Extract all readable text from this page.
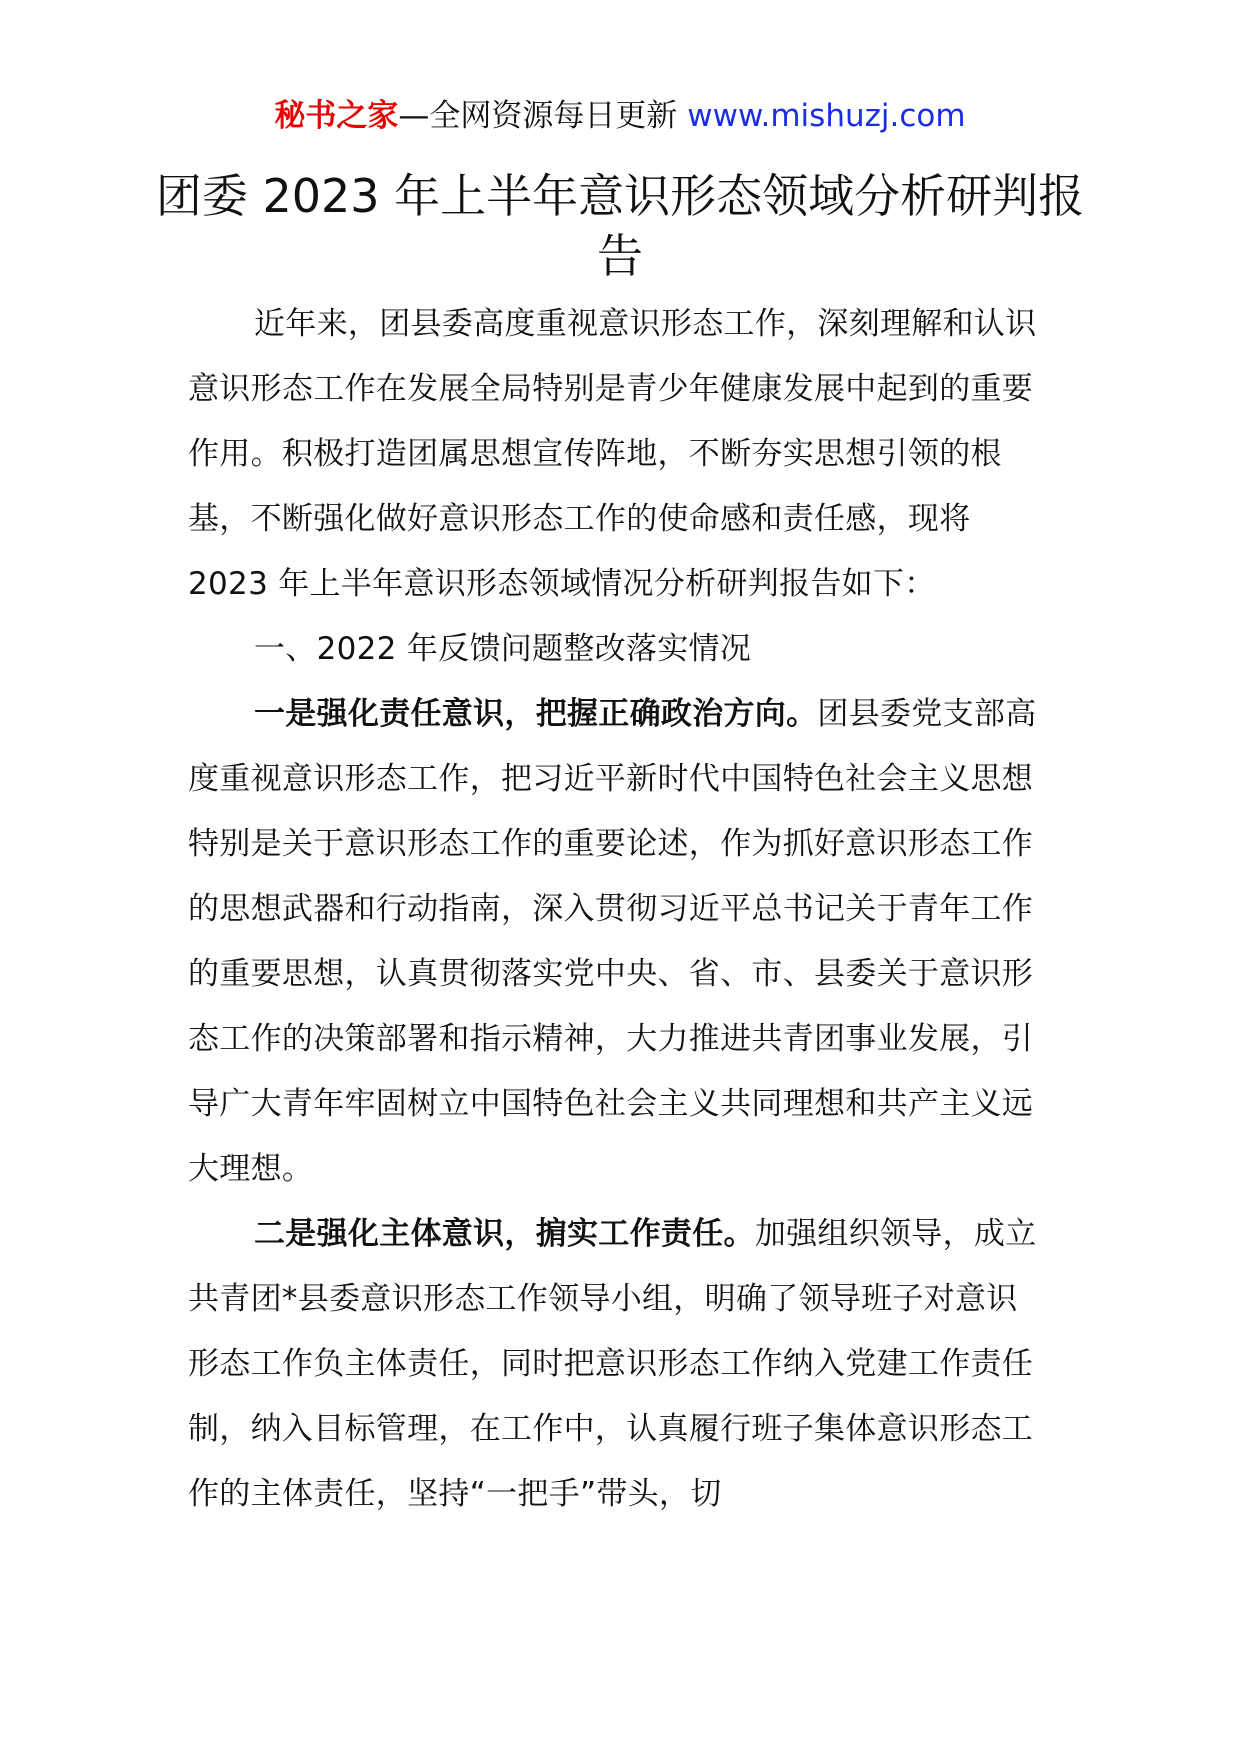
秘书之家—全网资源每日更新 www.mishuzj.com
团委 2023 年上半年意识形态领域分析研判报告

近年来，团县委高度重视意识形态工作，深刻理解和认识意识形态工作在发展全局特别是青少年健康发展中起到的重要作用。积极打造团属思想宣传阵地，不断夯实思想引领的根基，不断强化做好意识形态工作的使命感和责任感，现将 2023 年上半年意识形态领域情况分析研判报告如下：

一、2022 年反馈问题整改落实情况

一是强化责任意识，把握正确政治方向。团县委党支部高度重视意识形态工作，把习近平新时代中国特色社会主义思想特别是关于意识形态工作的重要论述，作为抓好意识形态工作的思想武器和行动指南，深入贯彻习近平总书记关于青年工作的重要思想，认真贯彻落实党中央、省、市、县委关于意识形态工作的决策部署和指示精神，大力推进共青团事业发展，引导广大青年牢固树立中国特色社会主义共同理想和共产主义远大理想。

二是强化主体意识，掮实工作责任。加强组织领导，成立共青团*县委意识形态工作领导小组，明确了领导班子对意识形态工作负主体责任，同时把意识形态工作纳入党建工作责任制，纳入目标管理，在工作中，认真履行班子集体意识形态工作的主体责任，坚持“一把手”带头，切
